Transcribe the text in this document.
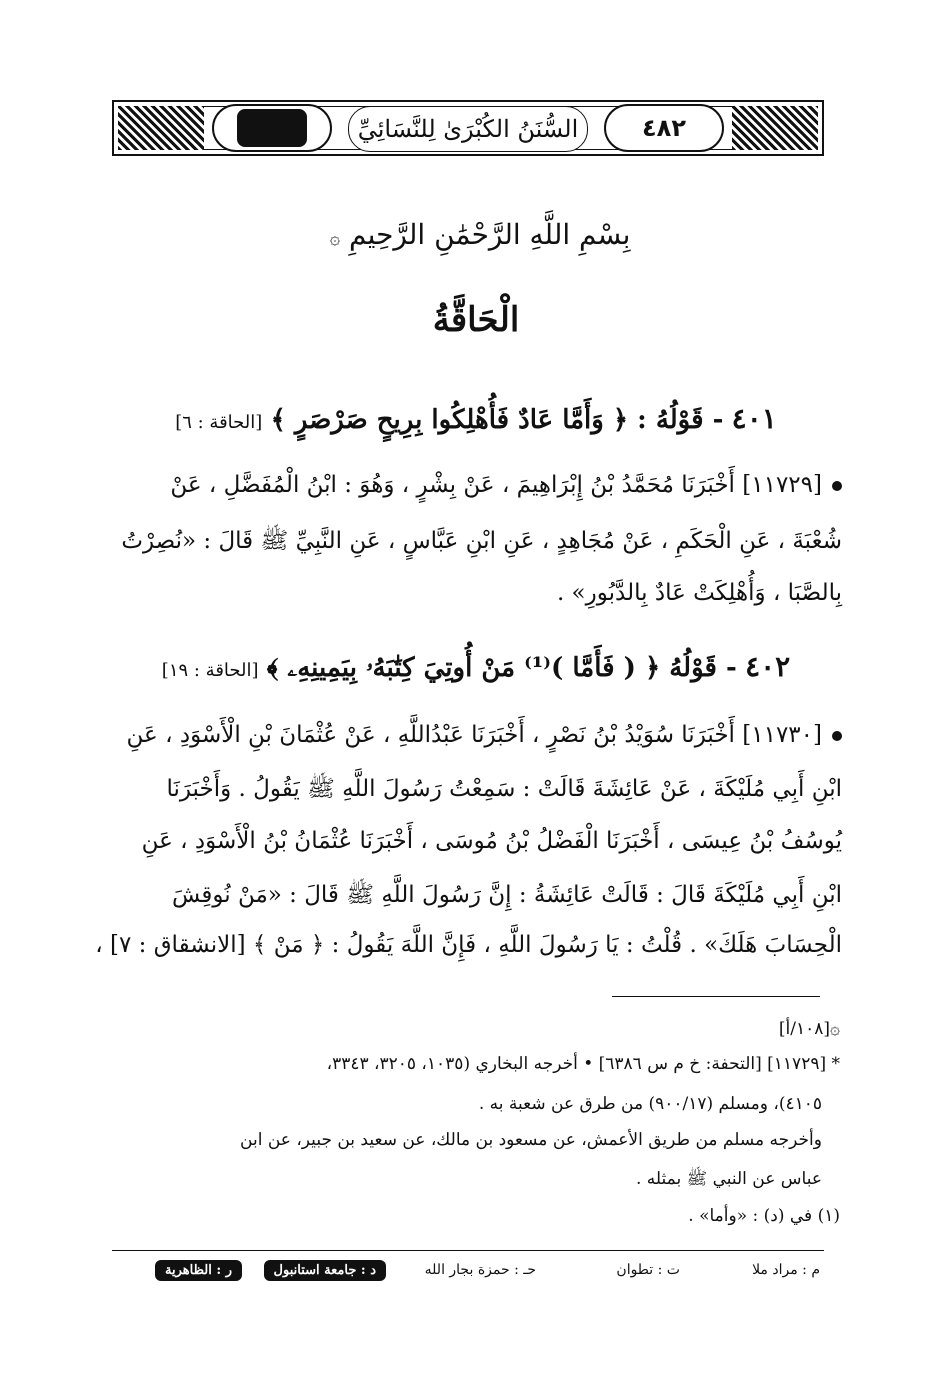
٤٨٢
السُّنَنُ الكُبْرَىٰ لِلنَّسَائِيِّ
بِسْمِ اللَّهِ الرَّحْمَٰنِ الرَّحِيمِ ۞
الْحَاقَّةُ
٤٠١ - قَوْلُهُ : ﴿ وَأَمَّا عَادٌ فَأُهْلِكُوا بِرِيحٍ صَرْصَرٍ ﴾ [الحاقة : ٦]
[١١٧٢٩] أَخْبَرَنَا مُحَمَّدُ بْنُ إِبْرَاهِيمَ ، عَنْ بِشْرٍ ، وَهُوَ : ابْنُ الْمُفَضَّلِ ، عَنْ
شُعْبَةَ ، عَنِ الْحَكَمِ ، عَنْ مُجَاهِدٍ ، عَنِ ابْنِ عَبَّاسٍ ، عَنِ النَّبِيِّ ﷺ قَالَ : «نُصِرْتُ
بِالصَّبَا ، وَأُهْلِكَتْ عَادٌ بِالدَّبُورِ» .
٤٠٢ - قَوْلُهُ ﴿ ( فَأَمَّا )⁽¹⁾ مَنْ أُوتِيَ كِتَٰبَهُۥ بِيَمِينِهِۦ ﴾ [الحاقة : ١٩]
[١١٧٣٠] أَخْبَرَنَا سُوَيْدُ بْنُ نَصْرٍ ، أَخْبَرَنَا عَبْدُاللَّهِ ، عَنْ عُثْمَانَ بْنِ الْأَسْوَدِ ، عَنِ
ابْنِ أَبِي مُلَيْكَةَ ، عَنْ عَائِشَةَ قَالَتْ : سَمِعْتُ رَسُولَ اللَّهِ ﷺ يَقُولُ . وَأَخْبَرَنَا
يُوسُفُ بْنُ عِيسَى ، أَخْبَرَنَا الْفَضْلُ بْنُ مُوسَى ، أَخْبَرَنَا عُثْمَانُ بْنُ الْأَسْوَدِ ، عَنِ
ابْنِ أَبِي مُلَيْكَةَ قَالَ : قَالَتْ عَائِشَةُ : إِنَّ رَسُولَ اللَّهِ ﷺ قَالَ : «مَنْ نُوقِشَ
الْحِسَابَ هَلَكَ» . قُلْتُ : يَا رَسُولَ اللَّهِ ، فَإِنَّ اللَّهَ يَقُولُ : ﴿ مَنْ ﴾ [الانشقاق : ٧] ،
۞[١٠٨/أ]
* [١١٧٢٩] [التحفة: خ م س ٦٣٨٦] • أخرجه البخاري (١٠٣٥، ٣٢٠٥، ٣٣٤٣،
٤١٠٥)، ومسلم (٩٠٠/١٧) من طرق عن شعبة به .
وأخرجه مسلم من طريق الأعمش، عن مسعود بن مالك، عن سعيد بن جبير، عن ابن
عباس عن النبي ﷺ بمثله .
(١) في (د) : «وأما» .
م : مراد ملا
ت : تطوان
حـ : حمزة بجار الله
د : جامعة استانبول
ر : الظاهرية
